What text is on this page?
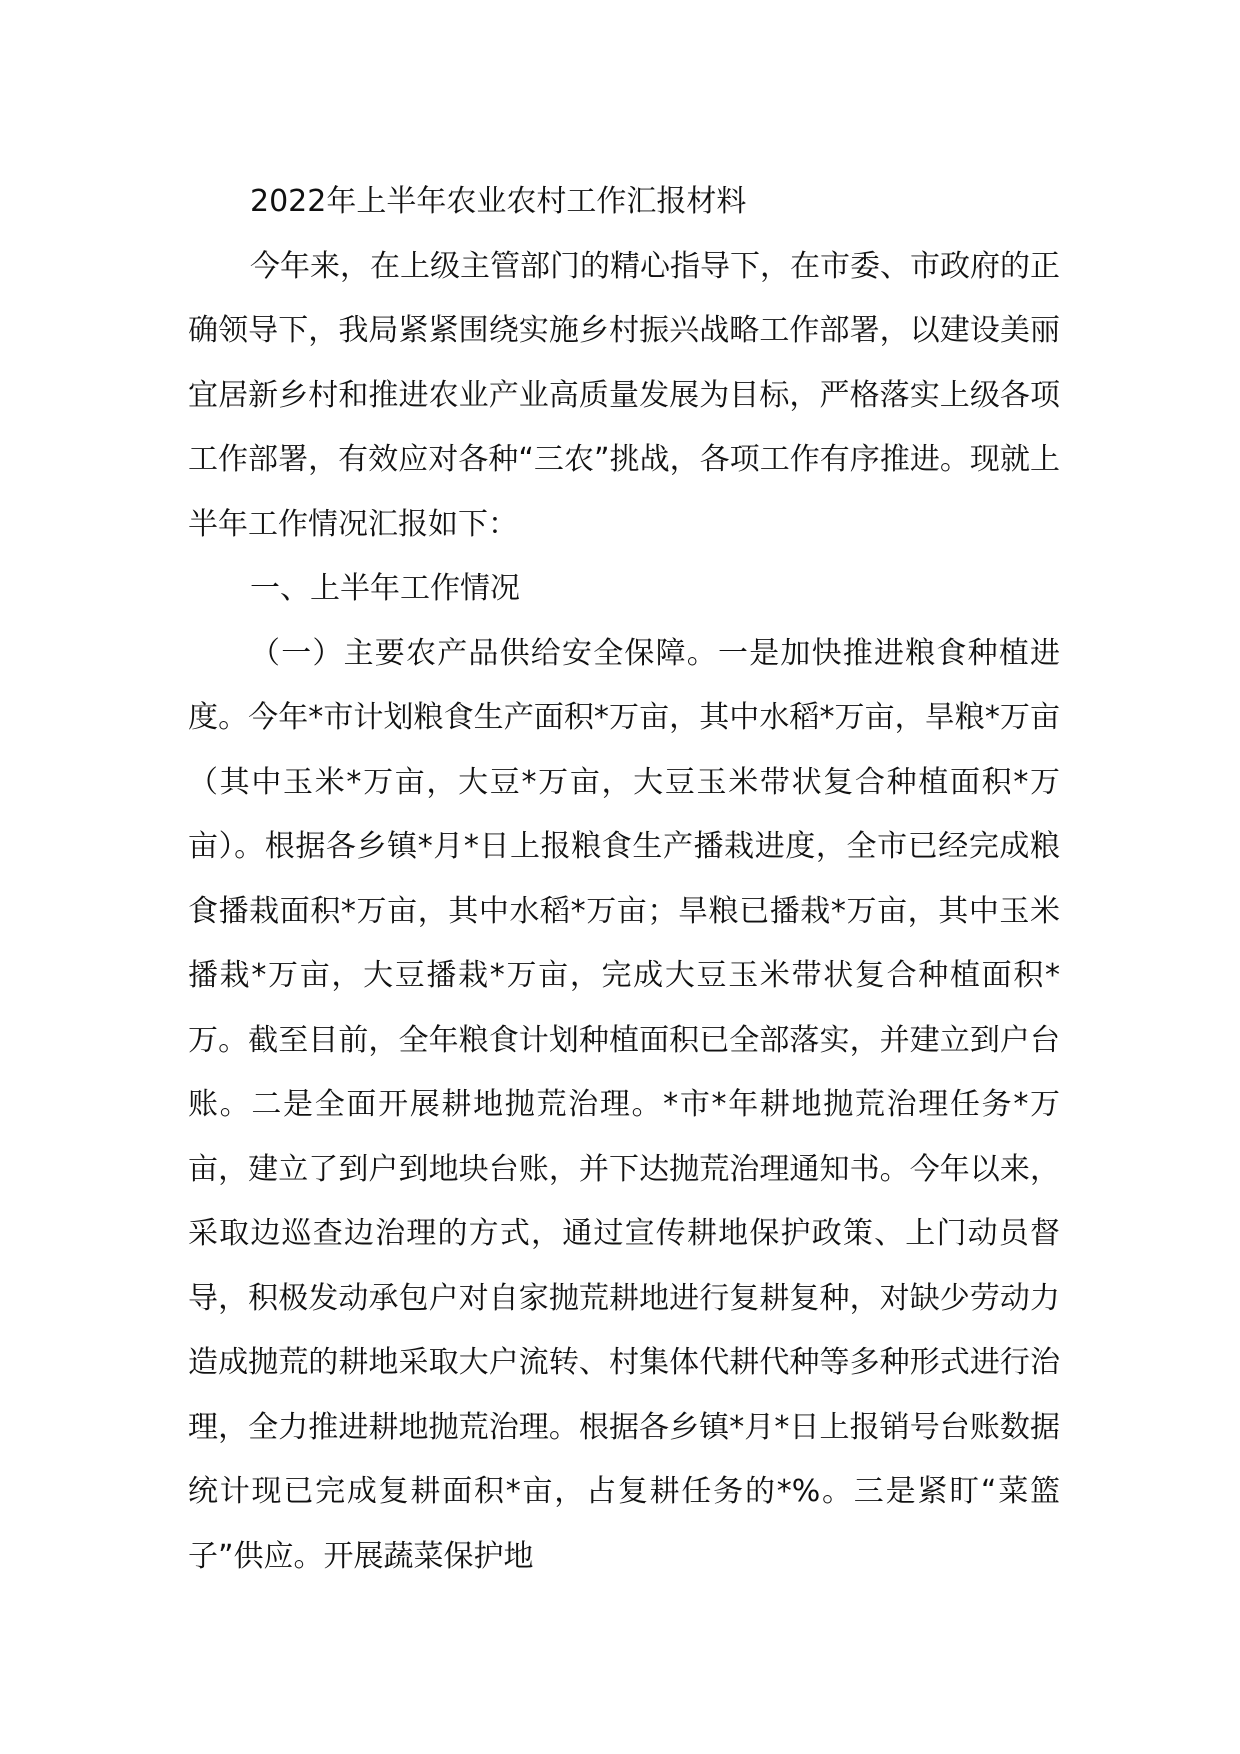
2022年上半年农业农村工作汇报材料

今年来，在上级主管部门的精心指导下，在市委、市政府的正确领导下，我局紧紧围绕实施乡村振兴战略工作部署，以建设美丽宜居新乡村和推进农业产业高质量发展为目标，严格落实上级各项工作部署，有效应对各种“三农”挑战，各项工作有序推进。现就上半年工作情况汇报如下：

一、上半年工作情况

（一）主要农产品供给安全保障。一是加快推进粮食种植进度。今年*市计划粮食生产面积*万亩，其中水稻*万亩，旱粮*万亩（其中玉米*万亩，大豆*万亩，大豆玉米带状复合种植面积*万亩）。根据各乡镇*月*日上报粮食生产播栽进度，全市已经完成粮食播栽面积*万亩，其中水稻*万亩；旱粮已播栽*万亩，其中玉米播栽*万亩，大豆播栽*万亩，完成大豆玉米带状复合种植面积*万。截至目前，全年粮食计划种植面积已全部落实，并建立到户台账。二是全面开展耕地抛荒治理。*市*年耕地抛荒治理任务*万亩，建立了到户到地块台账，并下达抛荒治理通知书。今年以来，采取边巡查边治理的方式，通过宣传耕地保护政策、上门动员督导，积极发动承包户对自家抛荒耕地进行复耕复种，对缺少劳动力造成抛荒的耕地采取大户流转、村集体代耕代种等多种形式进行治理，全力推进耕地抛荒治理。根据各乡镇*月*日上报销号台账数据统计现已完成复耕面积*亩，占复耕任务的*%。三是紧盯“菜篮子”供应。开展蔬菜保护地
